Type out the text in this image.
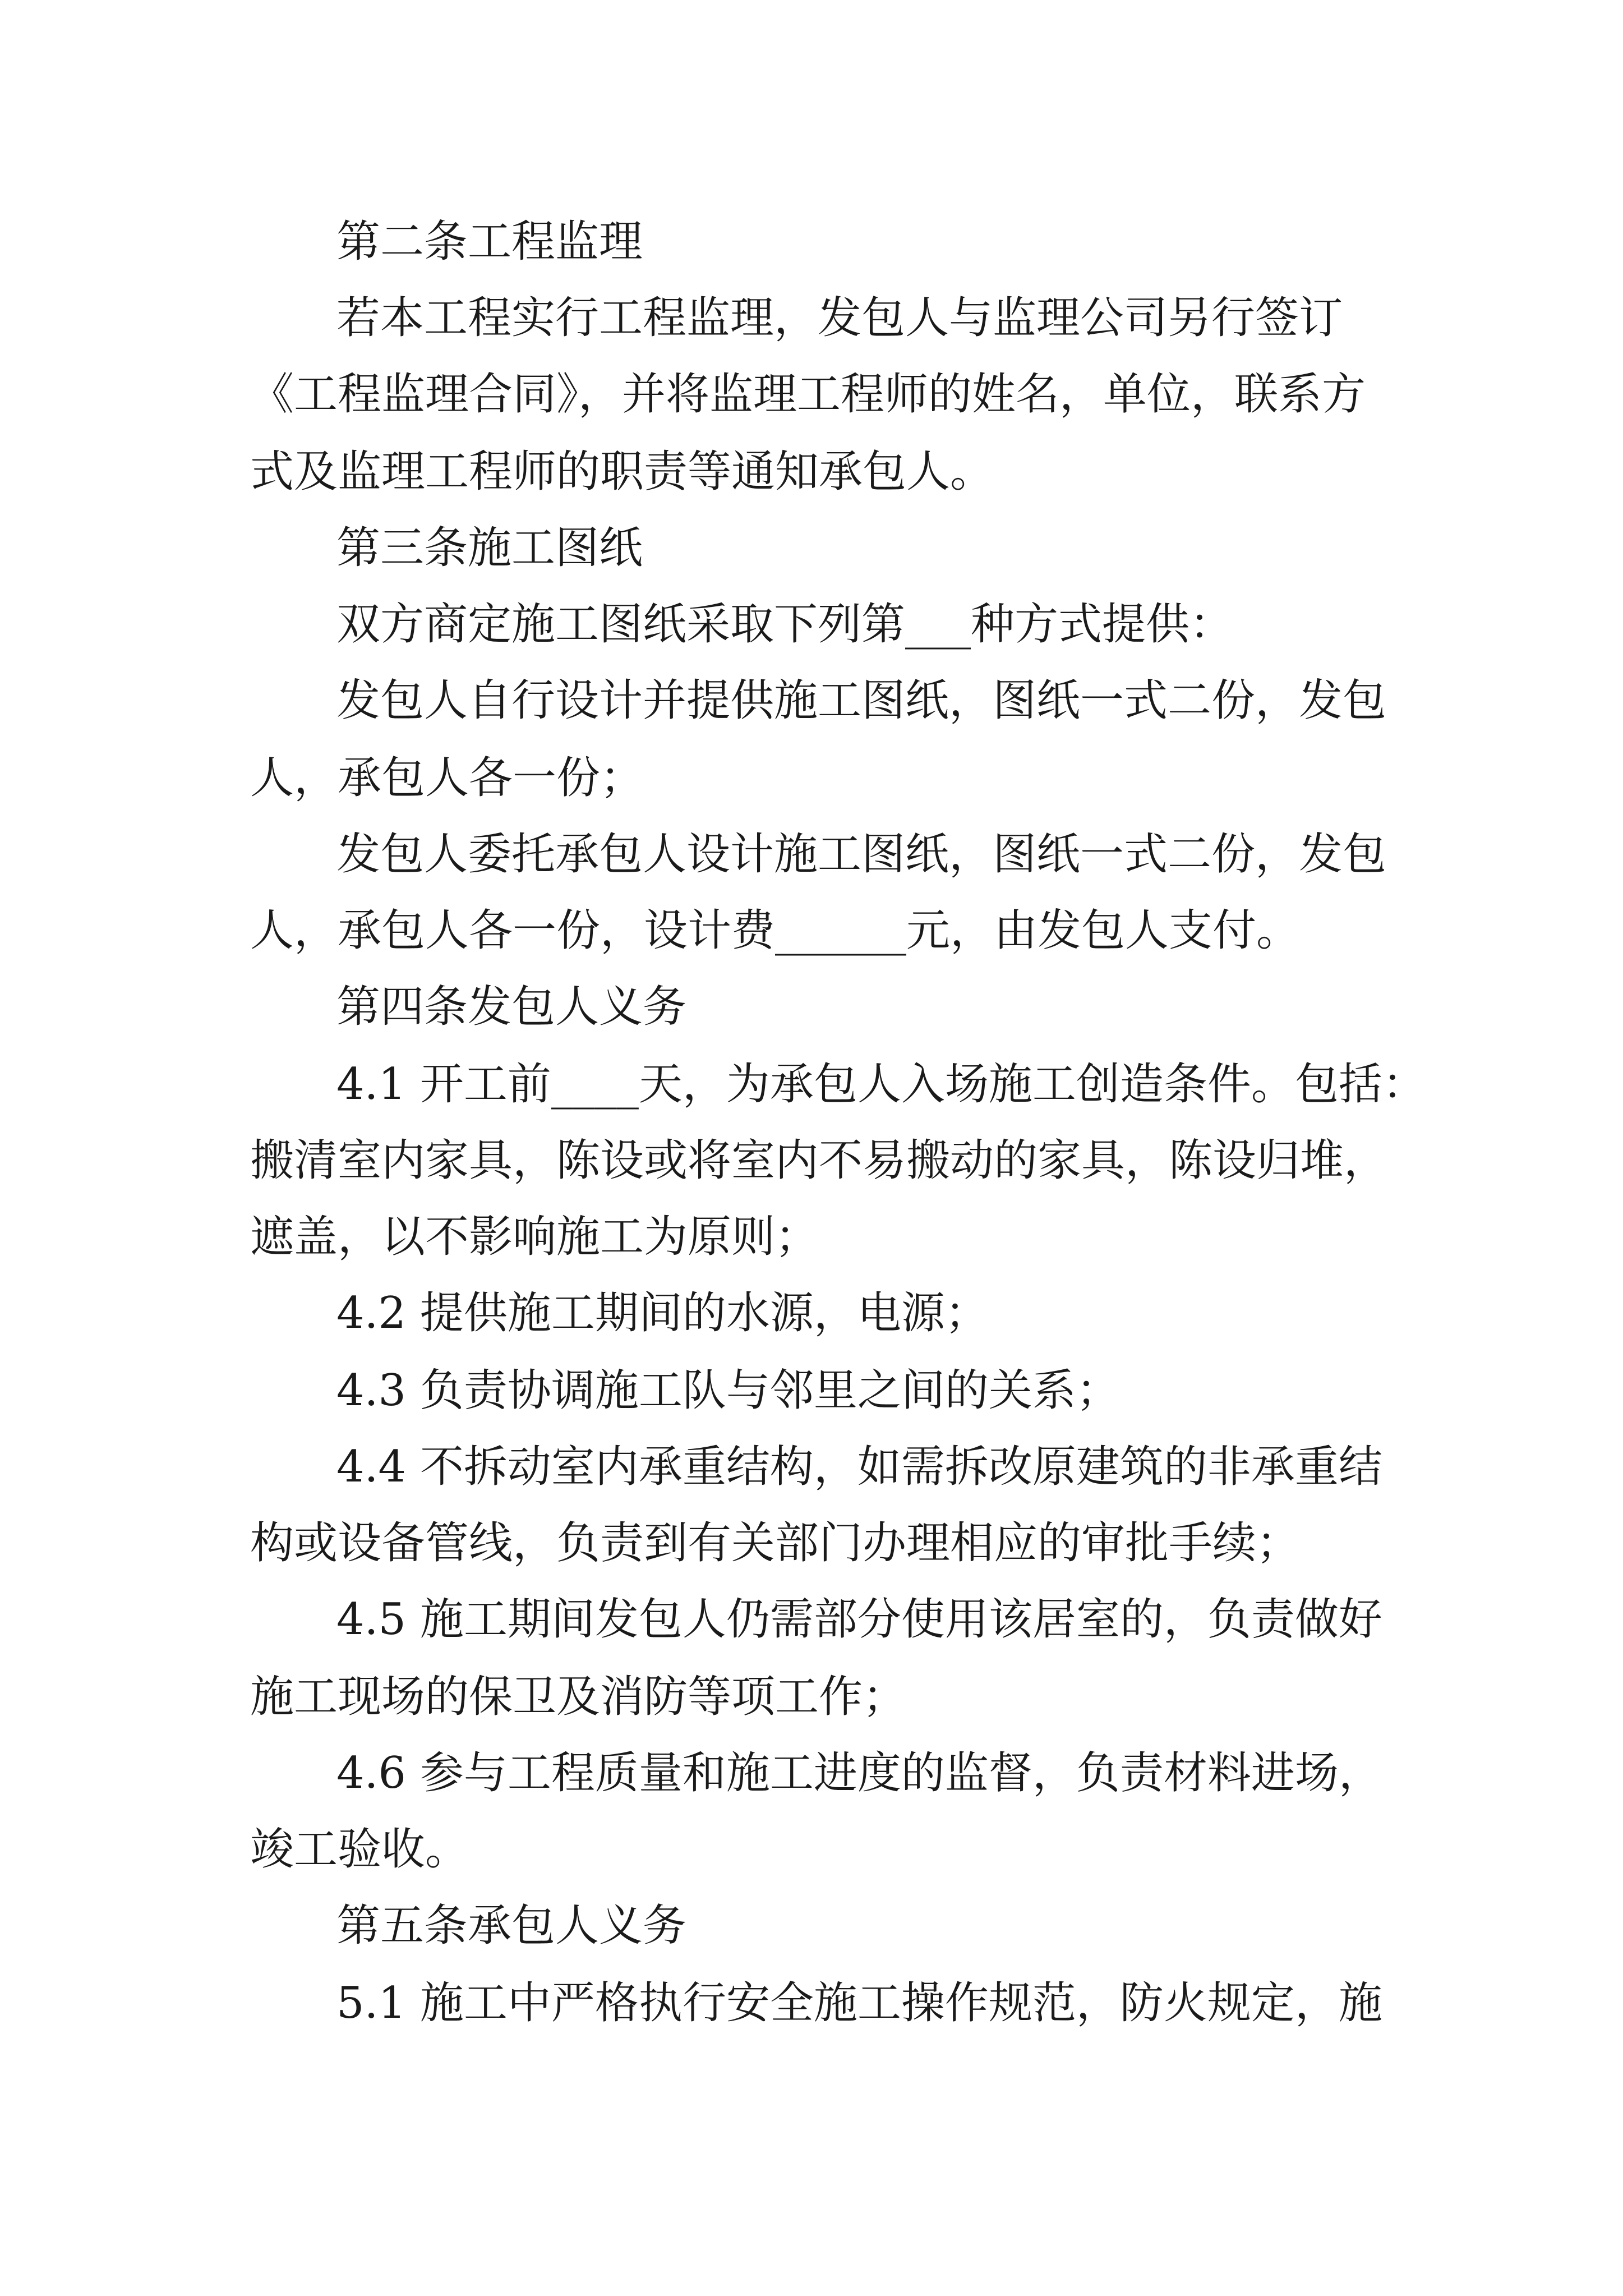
第二条工程监理

若本工程实行工程监理，发包人与监理公司另行签订

《工程监理合同》，并将监理工程师的姓名，单位，联系方

式及监理工程师的职责等通知承包人。

第三条施工图纸

双方商定施工图纸采取下列第___种方式提供：

发包人自行设计并提供施工图纸，图纸一式二份，发包

人，承包人各一份；

发包人委托承包人设计施工图纸，图纸一式二份，发包

人，承包人各一份，设计费______元，由发包人支付。

第四条发包人义务

4.1 开工前____天，为承包人入场施工创造条件。包括：

搬清室内家具，陈设或将室内不易搬动的家具，陈设归堆，

遮盖，以不影响施工为原则；

4.2 提供施工期间的水源，电源；

4.3 负责协调施工队与邻里之间的关系；

4.4 不拆动室内承重结构，如需拆改原建筑的非承重结

构或设备管线，负责到有关部门办理相应的审批手续；

4.5 施工期间发包人仍需部分使用该居室的，负责做好

施工现场的保卫及消防等项工作；

4.6 参与工程质量和施工进度的监督，负责材料进场，

竣工验收。

第五条承包人义务

5.1 施工中严格执行安全施工操作规范，防火规定，施
